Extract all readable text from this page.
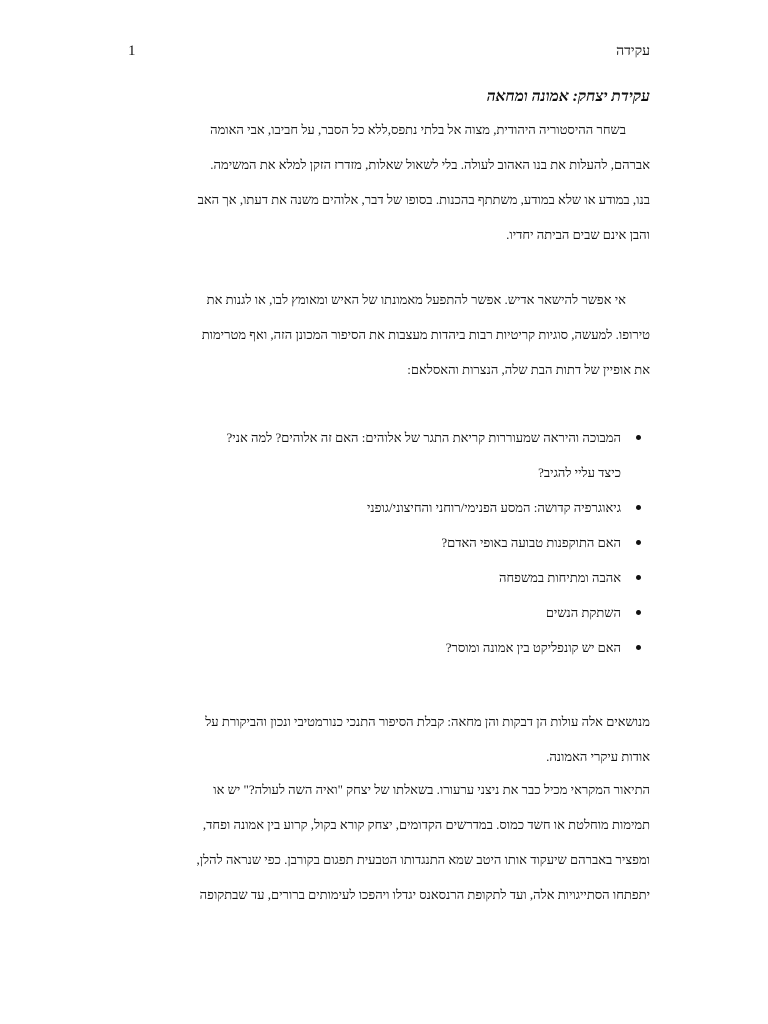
עקידה
1
עקידת יצחק: אמונה ומחאה
בשחר ההיסטוריה היהודית, מצוה אל בלתי נתפס,ללא כל הסבר, על חביבו, אבי האומה
אברהם, להעלות את בנו האהוב לעולה. בלי לשאול שאלות, מזדרז הזקן למלא את המשימה.
בנו, במודע או שלא במודע, משתתף בהכנות. בסופו של דבר, אלוהים משנה את דעתו, אך האב
והבן אינם שבים הביתה יחדיו.
אי אפשר להישאר אדיש. אפשר להתפעל מאמונתו של האיש ומאומץ לבו, או לגנות את
טירופו. למעשה, סוגיות קריטיות רבות ביהדות מעצבות את הסיפור המכונן הזה, ואף מטרימות
את אופיין של דתות הבת שלה, הנצרות והאסלאם:
המבוכה והיראה שמעוררות קריאת התגר של אלוהים: האם זה אלוהים? למה אני?
כיצד עליי להגיב?
גיאוגרפיה קדושה: המסע הפנימי/רוחני והחיצוני/גופני
האם התוקפנות טבועה באופי האדם?
אהבה ומתיחות במשפחה
השתקת הנשים
האם יש קונפליקט בין אמונה ומוסר?
מנושאים אלה עולות הן דבקות והן מחאה: קבלת הסיפור התנכי כנורמטיבי ונכון והביקורת על
אודות עיקרי האמונה.
התיאור המקראי מכיל כבר את ניצני ערעורו. בשאלתו של יצחק "ואיה השה לעולה?" יש או
תמימות מוחלטת או חשד כמוס. במדרשים הקדומים, יצחק קורא בקול, קרוע בין אמונה ופחד,
ומפציר באברהם שיעקוד אותו היטב שמא התנגדותו הטבעית תפגום בקורבן. כפי שנראה להלן,
יתפתחו הסתייגויות אלה, ועד לתקופת הרנסאנס יגדלו ויהפכו לעימותים ברורים, עד שבתקופה
